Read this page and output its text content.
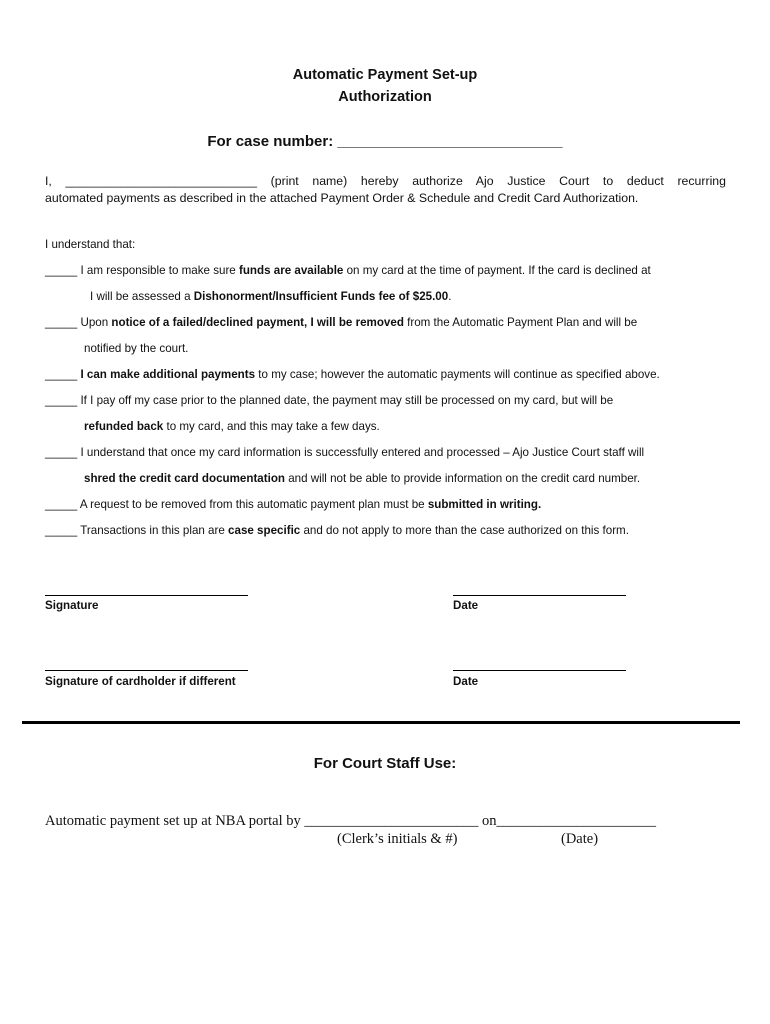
Automatic Payment Set-up
Authorization
For case number: ___________________________
I, ____________________________ (print name) hereby authorize Ajo Justice Court to deduct recurring
automated payments as described in the attached Payment Order & Schedule and Credit Card Authorization.
I understand that:
_____ I am responsible to make sure funds are available on my card at the time of payment. If the card is declined at
I will be assessed a Dishonorment/Insufficient Funds fee of $25.00.
_____ Upon notice of a failed/declined payment, I will be removed from the Automatic Payment Plan and will be
notified by the court.
_____ I can make additional payments to my case; however the automatic payments will continue as specified above.
_____ If I pay off my case prior to the planned date, the payment may still be processed on my card, but will be
refunded back to my card, and this may take a few days.
_____ I understand that once my card information is successfully entered and processed – Ajo Justice Court staff will
shred the credit card documentation and will not be able to provide information on the credit card number.
_____ A request to be removed from this automatic payment plan must be submitted in writing.
_____ Transactions in this plan are case specific and do not apply to more than the case authorized on this form.
Signature	Date
Signature of cardholder if different	Date
For Court Staff Use:
Automatic payment set up at NBA portal by ________________________ on______________________
(Clerk’s initials & #)	(Date)
